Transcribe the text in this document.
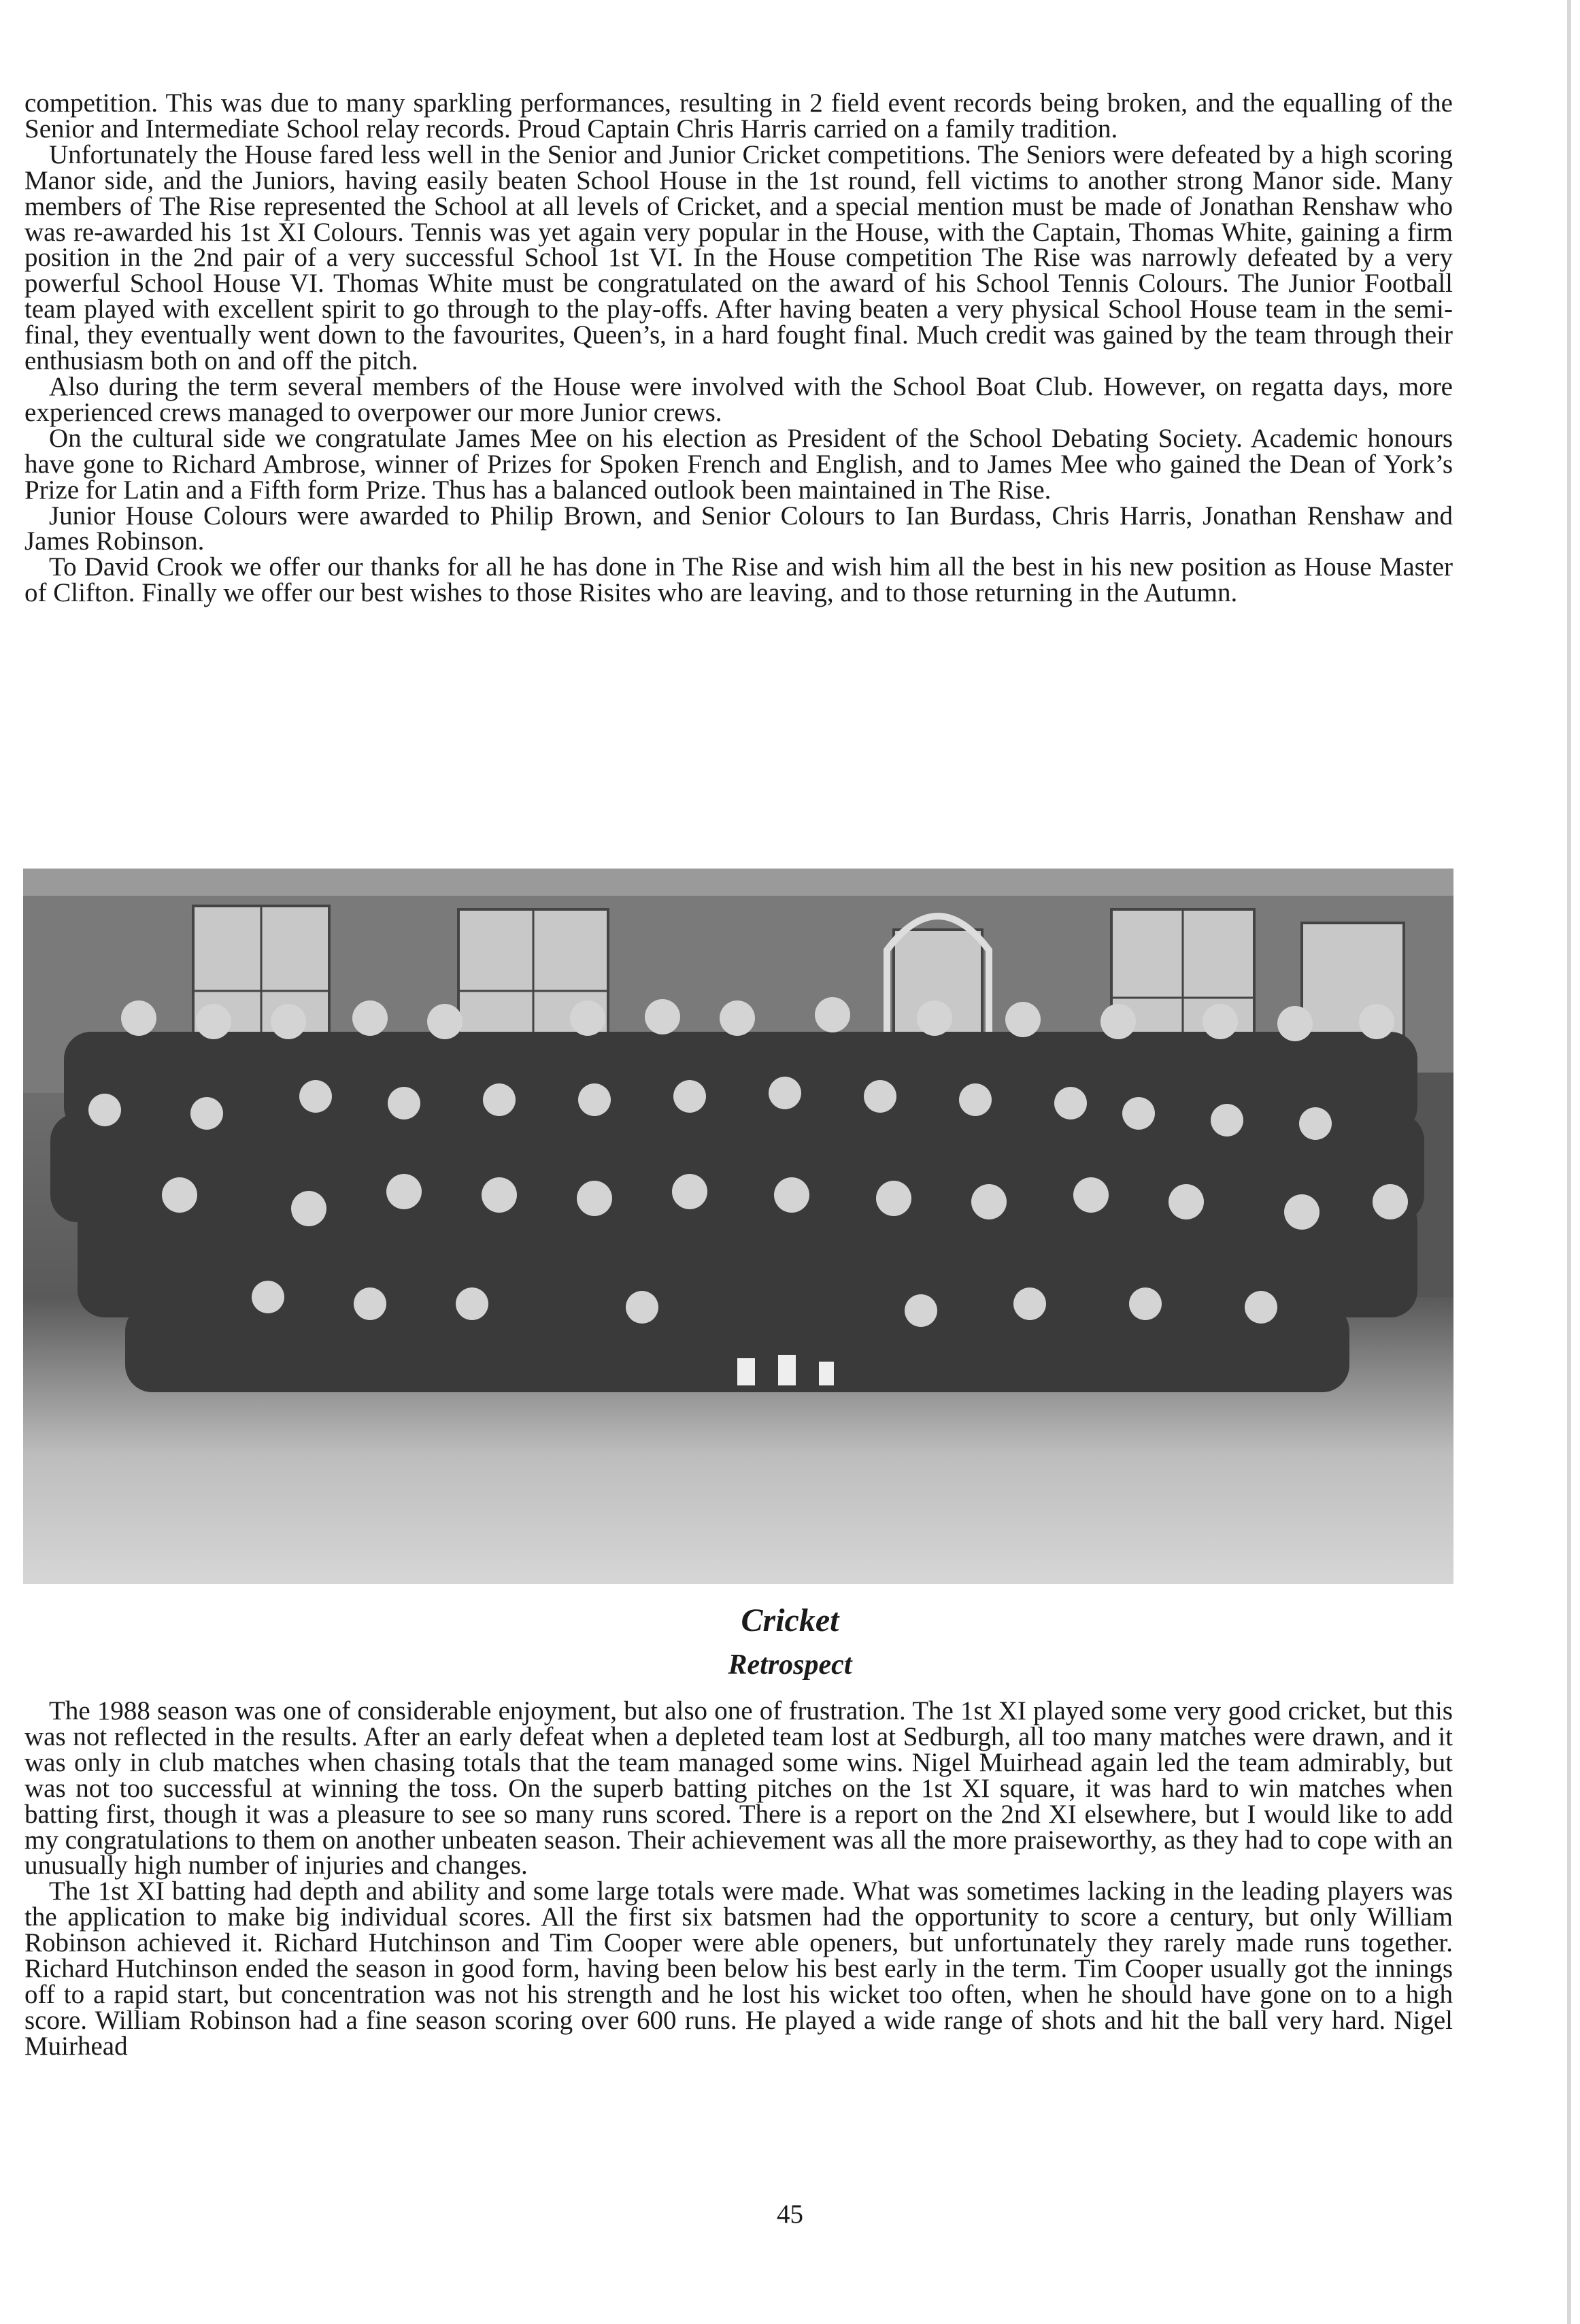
competition. This was due to many sparkling performances, resulting in 2 field event records being broken, and the equalling of the Senior and Intermediate School relay records. Proud Captain Chris Harris carried on a family tradition.

Unfortunately the House fared less well in the Senior and Junior Cricket competitions. The Seniors were defeated by a high scoring Manor side, and the Juniors, having easily beaten School House in the 1st round, fell victims to another strong Manor side. Many members of The Rise represented the School at all levels of Cricket, and a special mention must be made of Jonathan Renshaw who was re-awarded his 1st XI Colours. Tennis was yet again very popular in the House, with the Captain, Thomas White, gaining a firm position in the 2nd pair of a very successful School 1st VI. In the House competition The Rise was narrowly defeated by a very powerful School House VI. Thomas White must be congratulated on the award of his School Tennis Colours. The Junior Football team played with excellent spirit to go through to the play-offs. After having beaten a very physical School House team in the semi-final, they eventually went down to the favourites, Queen’s, in a hard fought final. Much credit was gained by the team through their enthusiasm both on and off the pitch.

Also during the term several members of the House were involved with the School Boat Club. However, on regatta days, more experienced crews managed to overpower our more Junior crews.

On the cultural side we congratulate James Mee on his election as President of the School Debating Society. Academic honours have gone to Richard Ambrose, winner of Prizes for Spoken French and English, and to James Mee who gained the Dean of York’s Prize for Latin and a Fifth form Prize. Thus has a balanced outlook been maintained in The Rise.

Junior House Colours were awarded to Philip Brown, and Senior Colours to Ian Burdass, Chris Harris, Jonathan Renshaw and James Robinson.

To David Crook we offer our thanks for all he has done in The Rise and wish him all the best in his new position as House Master of Clifton. Finally we offer our best wishes to those Risites who are leaving, and to those returning in the Autumn.

Cricket
Retrospect

The 1988 season was one of considerable enjoyment, but also one of frustration. The 1st XI played some very good cricket, but this was not reflected in the results. After an early defeat when a depleted team lost at Sedburgh, all too many matches were drawn, and it was only in club matches when chasing totals that the team managed some wins. Nigel Muirhead again led the team admirably, but was not too successful at winning the toss. On the superb batting pitches on the 1st XI square, it was hard to win matches when batting first, though it was a pleasure to see so many runs scored. There is a report on the 2nd XI elsewhere, but I would like to add my congratulations to them on another unbeaten season. Their achievement was all the more praiseworthy, as they had to cope with an unusually high number of injuries and changes.

The 1st XI batting had depth and ability and some large totals were made. What was sometimes lacking in the leading players was the application to make big individual scores. All the first six batsmen had the opportunity to score a century, but only William Robinson achieved it. Richard Hutchinson and Tim Cooper were able openers, but unfortunately they rarely made runs together. Richard Hutchinson ended the season in good form, having been below his best early in the term. Tim Cooper usually got the innings off to a rapid start, but concentration was not his strength and he lost his wicket too often, when he should have gone on to a high score. William Robinson had a fine season scoring over 600 runs. He played a wide range of shots and hit the ball very hard. Nigel Muirhead

45
